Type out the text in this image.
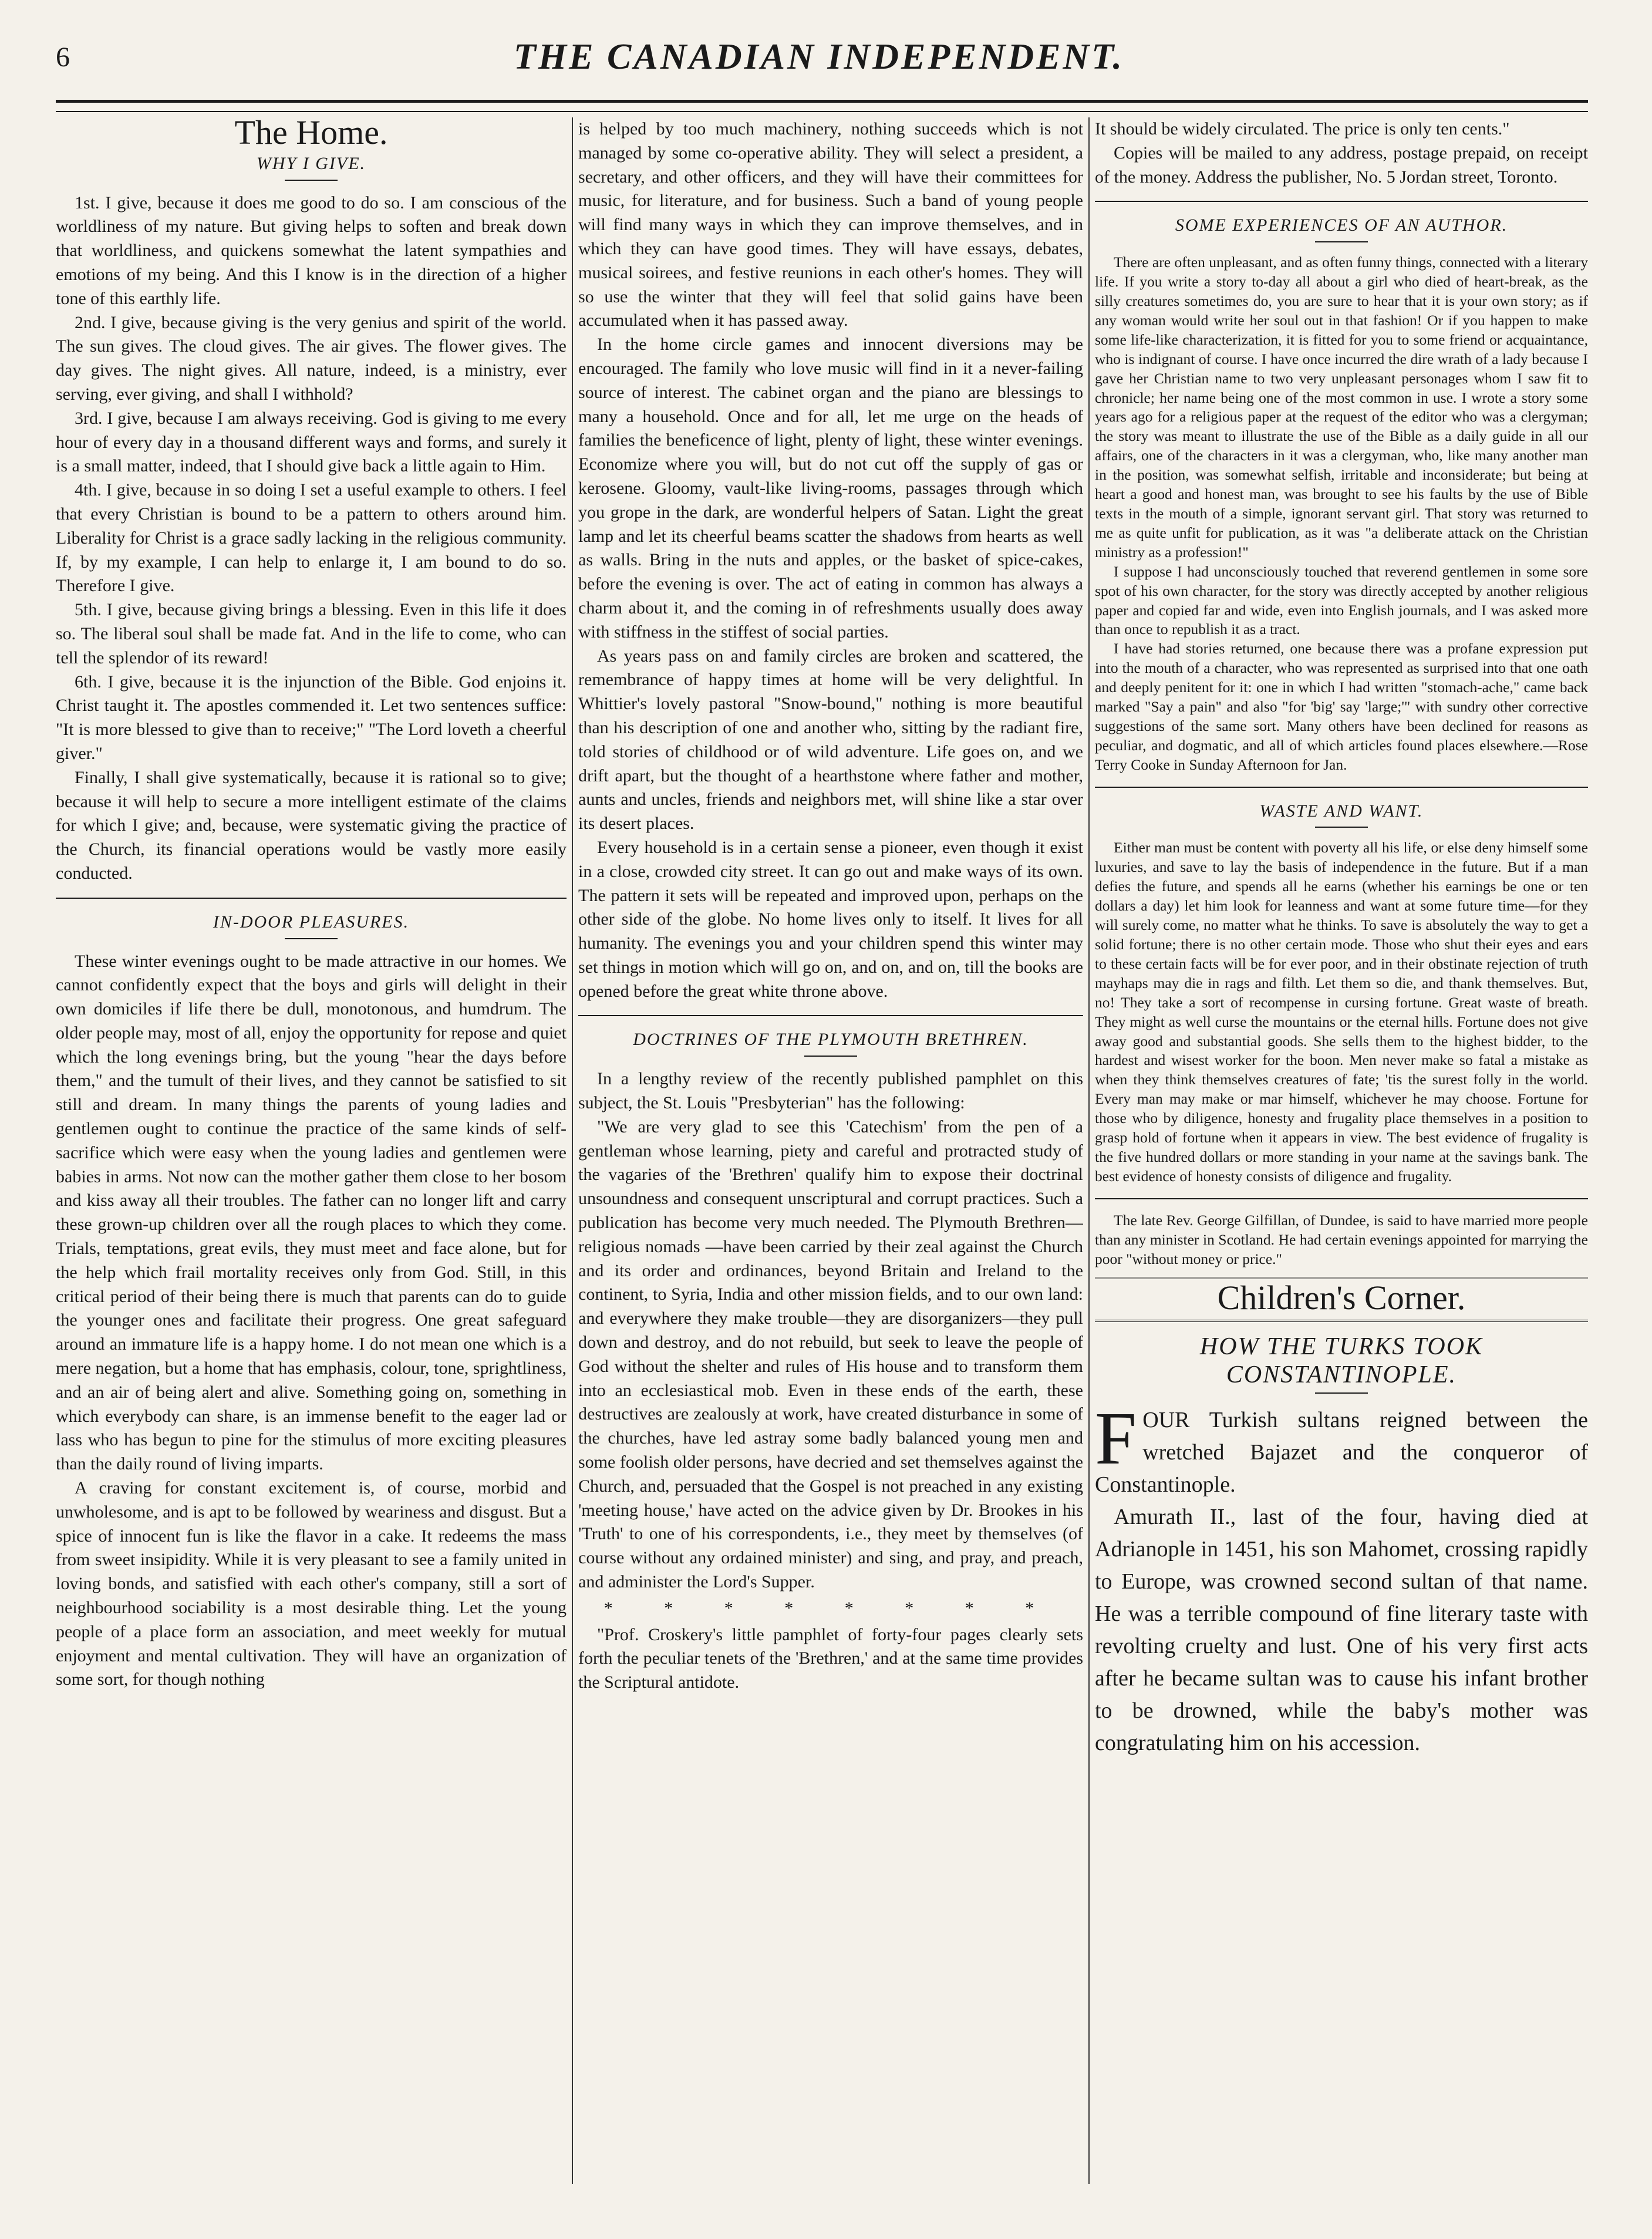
6	THE CANADIAN INDEPENDENT.
The Home.
WHY I GIVE.

1st. I give, because it does me good to do so. I am conscious of the worldliness of my nature. But giving helps to soften and break down that worldliness, and quickens somewhat the latent sympathies and emotions of my being. And this I know is in the direction of a higher tone of this earthly life.

2nd. I give, because giving is the very genius and spirit of the world. The sun gives. The cloud gives. The air gives. The flower gives. The day gives. The night gives. All nature, indeed, is a ministry, ever serving, ever giving, and shall I withhold?

3rd. I give, because I am always receiving. God is giving to me every hour of every day in a thousand different ways and forms, and surely it is a small matter, indeed, that I should give back a little again to Him.

4th. I give, because in so doing I set a useful example to others. I feel that every Christian is bound to be a pattern to others around him. Liberality for Christ is a grace sadly lacking in the religious community. If, by my example, I can help to enlarge it, I am bound to do so. Therefore I give.

5th. I give, because giving brings a blessing. Even in this life it does so. The liberal soul shall be made fat. And in the life to come, who can tell the splendor of its reward!

6th. I give, because it is the injunction of the Bible. God enjoins it. Christ taught it. The apostles commended it. Let two sentences suffice: "It is more blessed to give than to receive;" "The Lord loveth a cheerful giver."

Finally, I shall give systematically, because it is rational so to give; because it will help to secure a more intelligent estimate of the claims for which I give; and, because, were systematic giving the practice of the Church, its financial operations would be vastly more easily conducted.

IN-DOOR PLEASURES.

These winter evenings ought to be made attractive in our homes. We cannot confidently expect that the boys and girls will delight in their own domiciles if life there be dull, monotonous, and humdrum. The older people may, most of all, enjoy the opportunity for repose and quiet which the long evenings bring, but the young "hear the days before them," and the tumult of their lives, and they cannot be satisfied to sit still and dream. In many things the parents of young ladies and gentlemen ought to continue the practice of the same kinds of self-sacrifice which were easy when the young ladies and gentlemen were babies in arms. Not now can the mother gather them close to her bosom and kiss away all their troubles. The father can no longer lift and carry these grown-up children over all the rough places to which they come. Trials, temptations, great evils, they must meet and face alone, but for the help which frail mortality receives only from God. Still, in this critical period of their being there is much that parents can do to guide the younger ones and facilitate their progress. One great safeguard around an immature life is a happy home. I do not mean one which is a mere negation, but a home that has emphasis, colour, tone, sprightliness, and an air of being alert and alive. Something going on, something in which everybody can share, is an immense benefit to the eager lad or lass who has begun to pine for the stimulus of more exciting pleasures than the daily round of living imparts.

A craving for constant excitement is, of course, morbid and unwholesome, and is apt to be followed by weariness and disgust. But a spice of innocent fun is like the flavor in a cake. It redeems the mass from sweet insipidity. While it is very pleasant to see a family united in loving bonds, and satisfied with each other's company, still a sort of neighbourhood sociability is a most desirable thing. Let the young people of a place form an association, and meet weekly for mutual enjoyment and mental cultivation. They will have an organization of some sort, for though nothing

is helped by too much machinery, nothing succeeds which is not managed by some co-operative ability. They will select a president, a secretary, and other officers, and they will have their committees for music, for literature, and for business. Such a band of young people will find many ways in which they can improve themselves, and in which they can have good times. They will have essays, debates, musical soirees, and festive reunions in each other's homes. They will so use the winter that they will feel that solid gains have been accumulated when it has passed away.

In the home circle games and innocent diversions may be encouraged. The family who love music will find in it a never-failing source of interest. The cabinet organ and the piano are blessings to many a household. Once and for all, let me urge on the heads of families the beneficence of light, plenty of light, these winter evenings. Economize where you will, but do not cut off the supply of gas or kerosene. Gloomy, vault-like living-rooms, passages through which you grope in the dark, are wonderful helpers of Satan. Light the great lamp and let its cheerful beams scatter the shadows from hearts as well as walls. Bring in the nuts and apples, or the basket of spice-cakes, before the evening is over. The act of eating in common has always a charm about it, and the coming in of refreshments usually does away with stiffness in the stiffest of social parties.

As years pass on and family circles are broken and scattered, the remembrance of happy times at home will be very delightful. In Whittier's lovely pastoral "Snow-bound," nothing is more beautiful than his description of one and another who, sitting by the radiant fire, told stories of childhood or of wild adventure. Life goes on, and we drift apart, but the thought of a hearthstone where father and mother, aunts and uncles, friends and neighbors met, will shine like a star over its desert places.

Every household is in a certain sense a pioneer, even though it exist in a close, crowded city street. It can go out and make ways of its own. The pattern it sets will be repeated and improved upon, perhaps on the other side of the globe. No home lives only to itself. It lives for all humanity. The evenings you and your children spend this winter may set things in motion which will go on, and on, and on, till the books are opened before the great white throne above.

DOCTRINES OF THE PLYMOUTH BRETHREN.

In a lengthy review of the recently published pamphlet on this subject, the St. Louis "Presbyterian" has the following:

"We are very glad to see this 'Catechism' from the pen of a gentleman whose learning, piety and careful and protracted study of the vagaries of the 'Brethren' qualify him to expose their doctrinal unsoundness and consequent unscriptural and corrupt practices. Such a publication has become very much needed. The Plymouth Brethren—religious nomads —have been carried by their zeal against the Church and its order and ordinances, beyond Britain and Ireland to the continent, to Syria, India and other mission fields, and to our own land: and everywhere they make trouble—they are disorganizers—they pull down and destroy, and do not rebuild, but seek to leave the people of God without the shelter and rules of His house and to transform them into an ecclesiastical mob. Even in these ends of the earth, these destructives are zealously at work, have created disturbance in some of the churches, have led astray some badly balanced young men and some foolish older persons, have decried and set themselves against the Church, and, persuaded that the Gospel is not preached in any existing 'meeting house,' have acted on the advice given by Dr. Brookes in his 'Truth' to one of his correspondents, i.e., they meet by themselves (of course without any ordained minister) and sing, and pray, and preach, and administer the Lord's Supper.

* * * * * * * *

"Prof. Croskery's little pamphlet of forty-four pages clearly sets forth the peculiar tenets of the 'Brethren,' and at the same time provides the Scriptural antidote.

It should be widely circulated. The price is only ten cents."

Copies will be mailed to any address, postage prepaid, on receipt of the money. Address the publisher, No. 5 Jordan street, Toronto.

SOME EXPERIENCES OF AN AUTHOR.

There are often unpleasant, and as often funny things, connected with a literary life. If you write a story to-day all about a girl who died of heart-break, as the silly creatures sometimes do, you are sure to hear that it is your own story; as if any woman would write her soul out in that fashion! Or if you happen to make some life-like characterization, it is fitted for you to some friend or acquaintance, who is indignant of course. I have once incurred the dire wrath of a lady because I gave her Christian name to two very unpleasant personages whom I saw fit to chronicle; her name being one of the most common in use. I wrote a story some years ago for a religious paper at the request of the editor who was a clergyman; the story was meant to illustrate the use of the Bible as a daily guide in all our affairs, one of the characters in it was a clergyman, who, like many another man in the position, was somewhat selfish, irritable and inconsiderate; but being at heart a good and honest man, was brought to see his faults by the use of Bible texts in the mouth of a simple, ignorant servant girl. That story was returned to me as quite unfit for publication, as it was "a deliberate attack on the Christian ministry as a profession!"

I suppose I had unconsciously touched that reverend gentlemen in some sore spot of his own character, for the story was directly accepted by another religious paper and copied far and wide, even into English journals, and I was asked more than once to republish it as a tract.

I have had stories returned, one because there was a profane expression put into the mouth of a character, who was represented as surprised into that one oath and deeply penitent for it: one in which I had written "stomach-ache," came back marked "Say a pain" and also "for 'big' say 'large;'" with sundry other corrective suggestions of the same sort. Many others have been declined for reasons as peculiar, and dogmatic, and all of which articles found places elsewhere.—Rose Terry Cooke in Sunday Afternoon for Jan.

WASTE AND WANT.

Either man must be content with poverty all his life, or else deny himself some luxuries, and save to lay the basis of independence in the future. But if a man defies the future, and spends all he earns (whether his earnings be one or ten dollars a day) let him look for leanness and want at some future time—for they will surely come, no matter what he thinks. To save is absolutely the way to get a solid fortune; there is no other certain mode. Those who shut their eyes and ears to these certain facts will be for ever poor, and in their obstinate rejection of truth mayhaps may die in rags and filth. Let them so die, and thank themselves. But, no! They take a sort of recompense in cursing fortune. Great waste of breath. They might as well curse the mountains or the eternal hills. Fortune does not give away good and substantial goods. She sells them to the highest bidder, to the hardest and wisest worker for the boon. Men never make so fatal a mistake as when they think themselves creatures of fate; 'tis the surest folly in the world. Every man may make or mar himself, whichever he may choose. Fortune for those who by diligence, honesty and frugality place themselves in a position to grasp hold of fortune when it appears in view. The best evidence of frugality is the five hundred dollars or more standing in your name at the savings bank. The best evidence of honesty consists of diligence and frugality.

The late Rev. George Gilfillan, of Dundee, is said to have married more people than any minister in Scotland. He had certain evenings appointed for marrying the poor "without money or price."

Children's Corner.
HOW THE TURKS TOOK CONSTANTINOPLE.

FOUR Turkish sultans reigned between the wretched Bajazet and the conqueror of Constantinople.

Amurath II., last of the four, having died at Adrianople in 1451, his son Mahomet, crossing rapidly to Europe, was crowned second sultan of that name. He was a terrible compound of fine literary taste with revolting cruelty and lust. One of his very first acts after he became sultan was to cause his infant brother to be drowned, while the baby's mother was congratulating him on his accession.
